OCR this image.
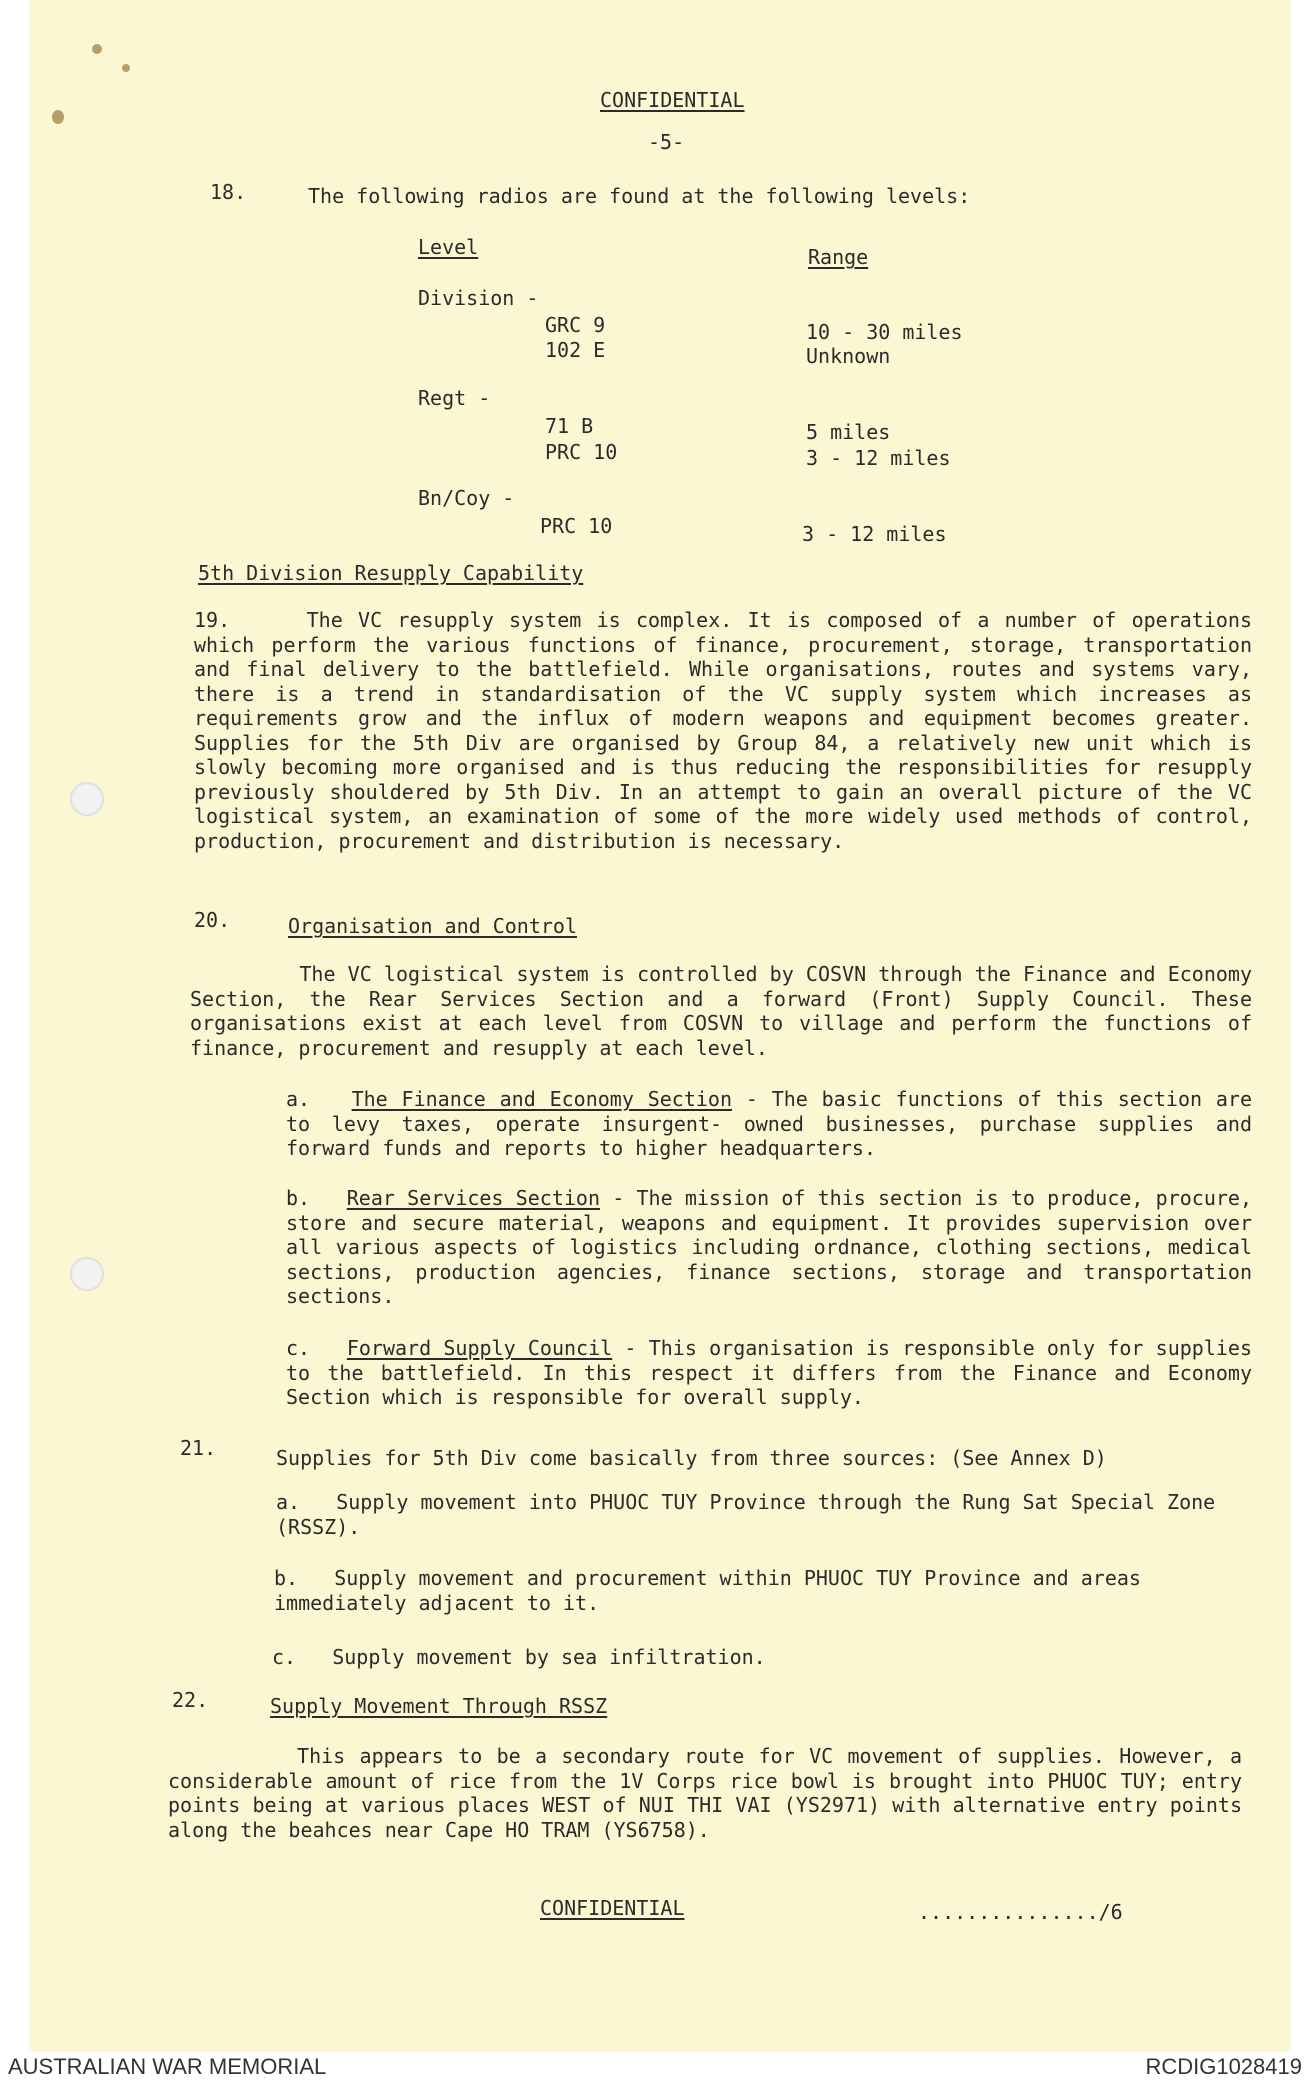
CONFIDENTIAL
-5-
18.	The following radios are found at the following levels:
Level	Range
Division -
GRC 9	10 - 30 miles
102 E	Unknown
Regt -
71 B	5 miles
PRC 10	3 - 12 miles
Bn/Coy -
PRC 10	3 - 12 miles
5th Division Resupply Capability

19.	The VC resupply system is complex. It is composed of a number of operations which perform the various functions of finance, procurement, storage, transportation and final delivery to the battlefield. While organisations, routes and systems vary, there is a trend in standardisation of the VC supply system which increases as requirements grow and the influx of modern weapons and equipment becomes greater. Supplies for the 5th Div are organised by Group 84, a relatively new unit which is slowly becoming more organised and is thus reducing the responsibilities for resupply previously shouldered by 5th Div. In an attempt to gain an overall picture of the VC logistical system, an examination of some of the more widely used methods of control, production, procurement and distribution is necessary.

20.	Organisation and Control

The VC logistical system is controlled by COSVN through the Finance and Economy Section, the Rear Services Section and a forward (Front) Supply Council. These organisations exist at each level from COSVN to village and perform the functions of finance, procurement and resupply at each level.

a. The Finance and Economy Section - The basic functions of this section are to levy taxes, operate insurgent- owned businesses, purchase supplies and forward funds and reports to higher headquarters.

b. Rear Services Section - The mission of this section is to produce, procure, store and secure material, weapons and equipment. It provides supervision over all various aspects of logistics including ordnance, clothing sections, medical sections, production agencies, finance sections, storage and transportation sections.

c. Forward Supply Council - This organisation is responsible only for supplies to the battlefield. In this respect it differs from the Finance and Economy Section which is responsible for overall supply.

21.	Supplies for 5th Div come basically from three sources: (See Annex D)

a. Supply movement into PHUOC TUY Province through the Rung Sat Special Zone (RSSZ).

b. Supply movement and procurement within PHUOC TUY Province and areas immediately adjacent to it.

c. Supply movement by sea infiltration.

22.	Supply Movement Through RSSZ

This appears to be a secondary route for VC movement of supplies. However, a considerable amount of rice from the 1V Corps rice bowl is brought into PHUOC TUY; entry points being at various places WEST of NUI THI VAI (YS2971) with alternative entry points along the beahces near Cape HO TRAM (YS6758).

CONFIDENTIAL	.............../6
AUSTRALIAN WAR MEMORIAL	RCDIG1028419
